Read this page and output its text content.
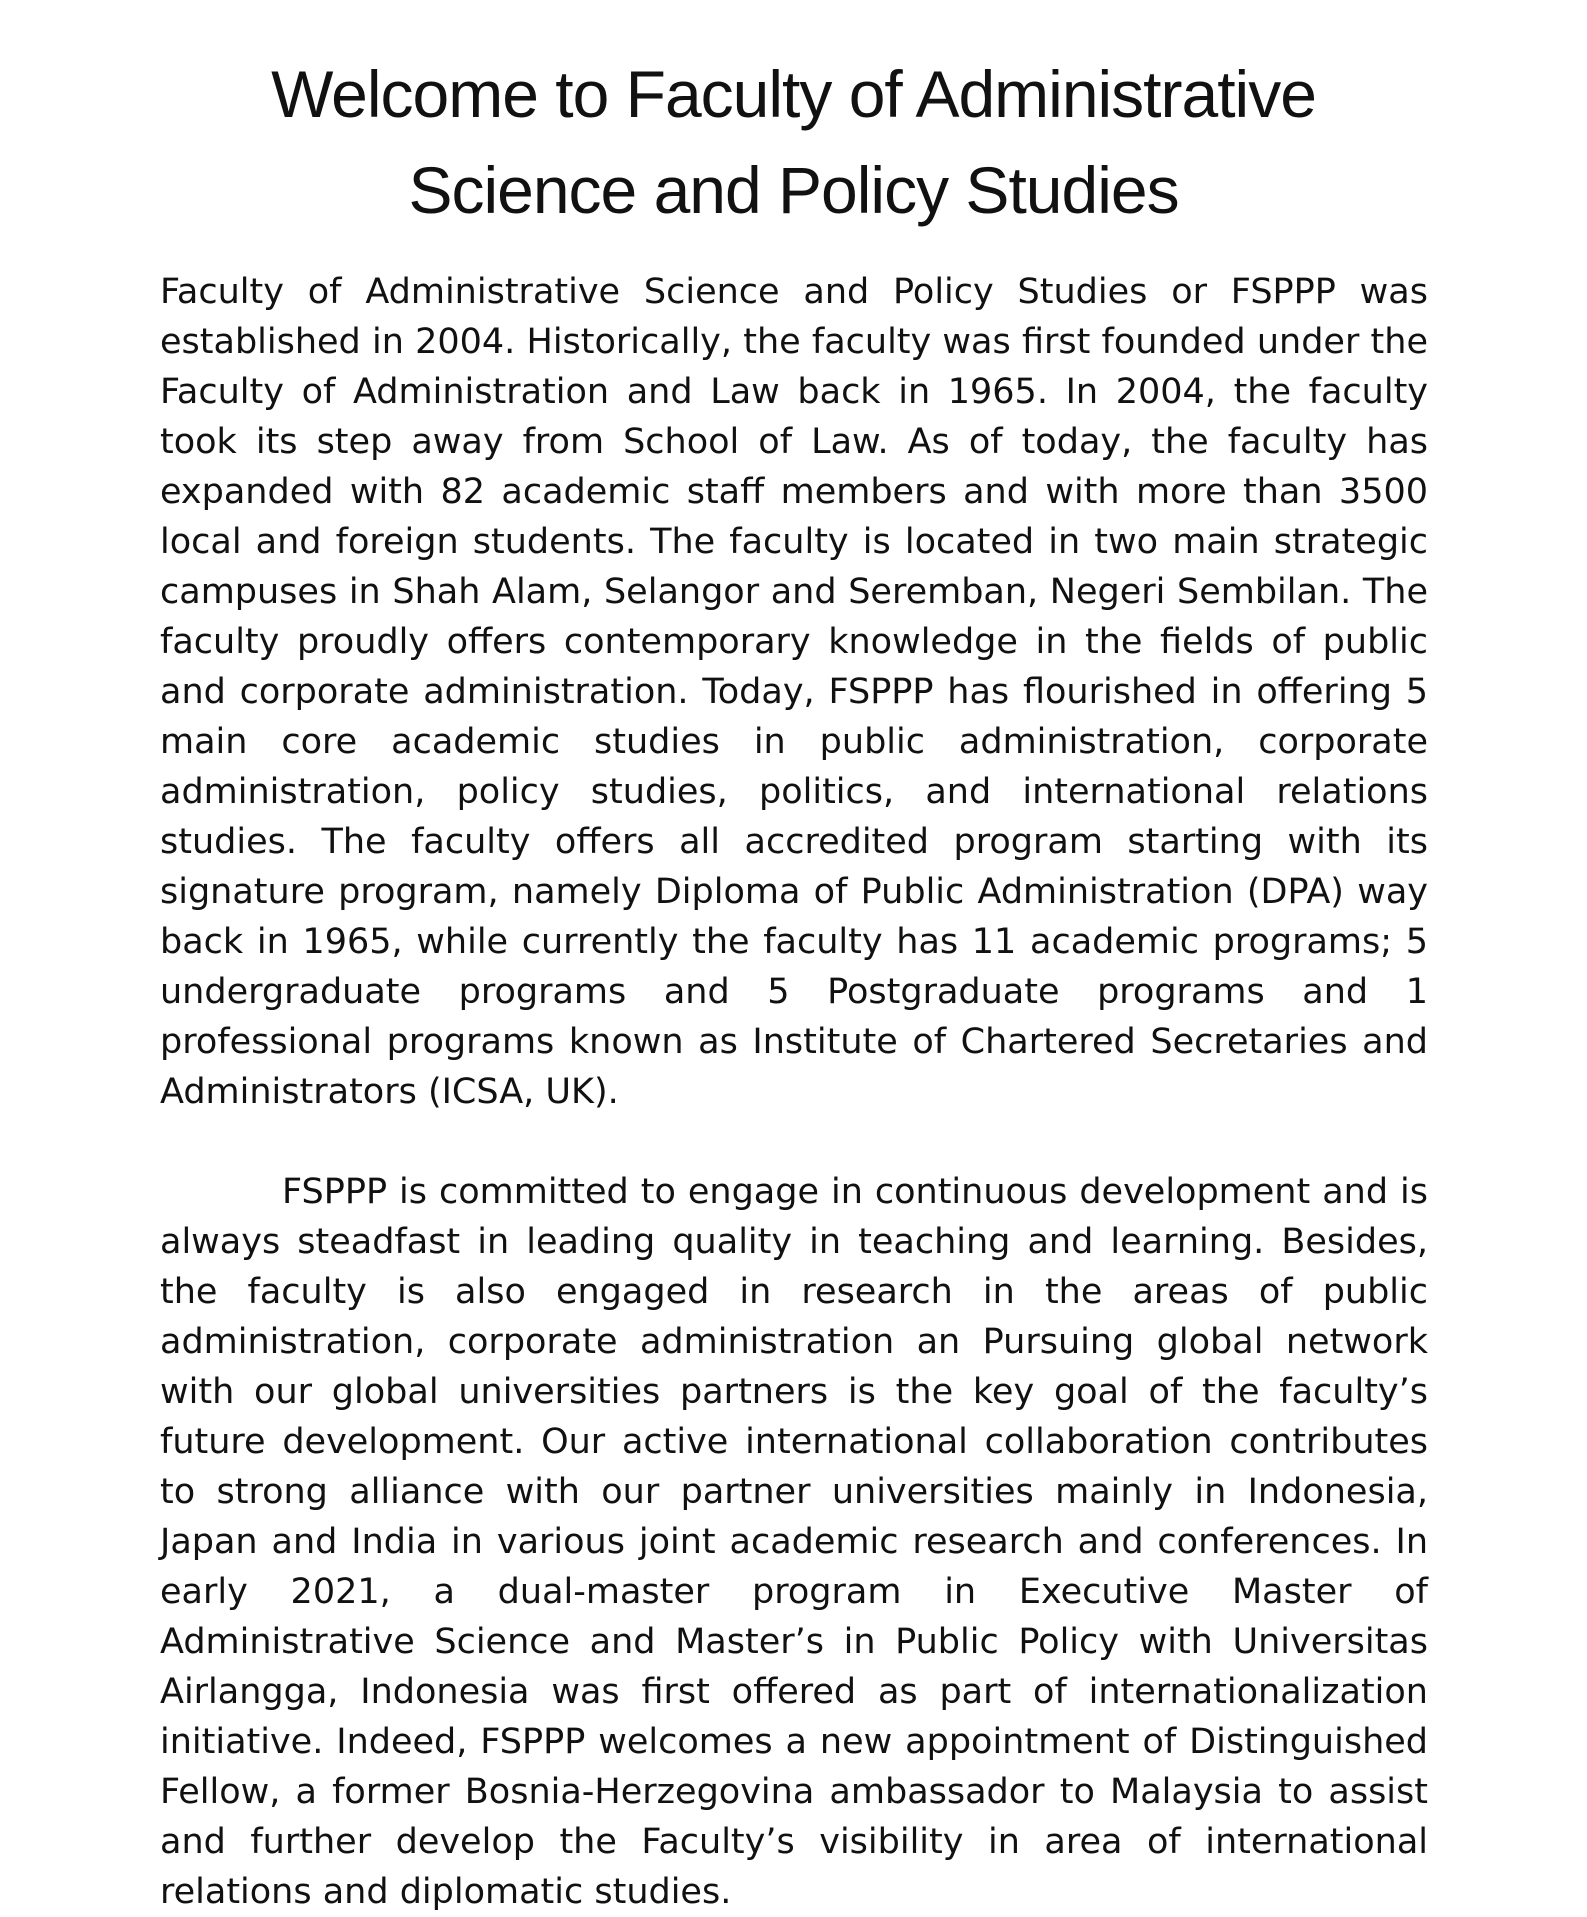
Welcome to Faculty of Administrative
Science and Policy Studies

Faculty of Administrative Science and Policy Studies or FSPPP was established in 2004. Historically, the faculty was first founded under the Faculty of Administration and Law back in 1965. In 2004, the faculty took its step away from School of Law. As of today, the faculty has expanded with 82 academic staff members and with more than 3500 local and foreign students. The faculty is located in two main strategic campuses in Shah Alam, Selangor and Seremban, Negeri Sembilan. The faculty proudly offers contemporary knowledge in the fields of public and corporate administration. Today, FSPPP has flourished in offering 5 main core academic studies in public administration, corporate administration, policy studies, politics, and international relations studies. The faculty offers all accredited program starting with its signature program, namely Diploma of Public Administration (DPA) way back in 1965, while currently the faculty has 11 academic programs; 5 undergraduate programs and 5 Postgraduate programs and 1 professional programs known as Institute of Chartered Secretaries and Administrators (ICSA, UK).

FSPPP is committed to engage in continuous development and is always steadfast in leading quality in teaching and learning. Besides, the faculty is also engaged in research in the areas of public administration, corporate administration an Pursuing global network with our global universities partners is the key goal of the faculty’s future development. Our active international collaboration contributes to strong alliance with our partner universities mainly in Indonesia, Japan and India in various joint academic research and conferences. In early 2021, a dual-master program in Executive Master of Administrative Science and Master’s in Public Policy with Universitas Airlangga, Indonesia was first offered as part of internationalization initiative. Indeed, FSPPP welcomes a new appointment of Distinguished Fellow, a former Bosnia-Herzegovina ambassador to Malaysia to assist and further develop the Faculty’s visibility in area of international relations and diplomatic studies.
